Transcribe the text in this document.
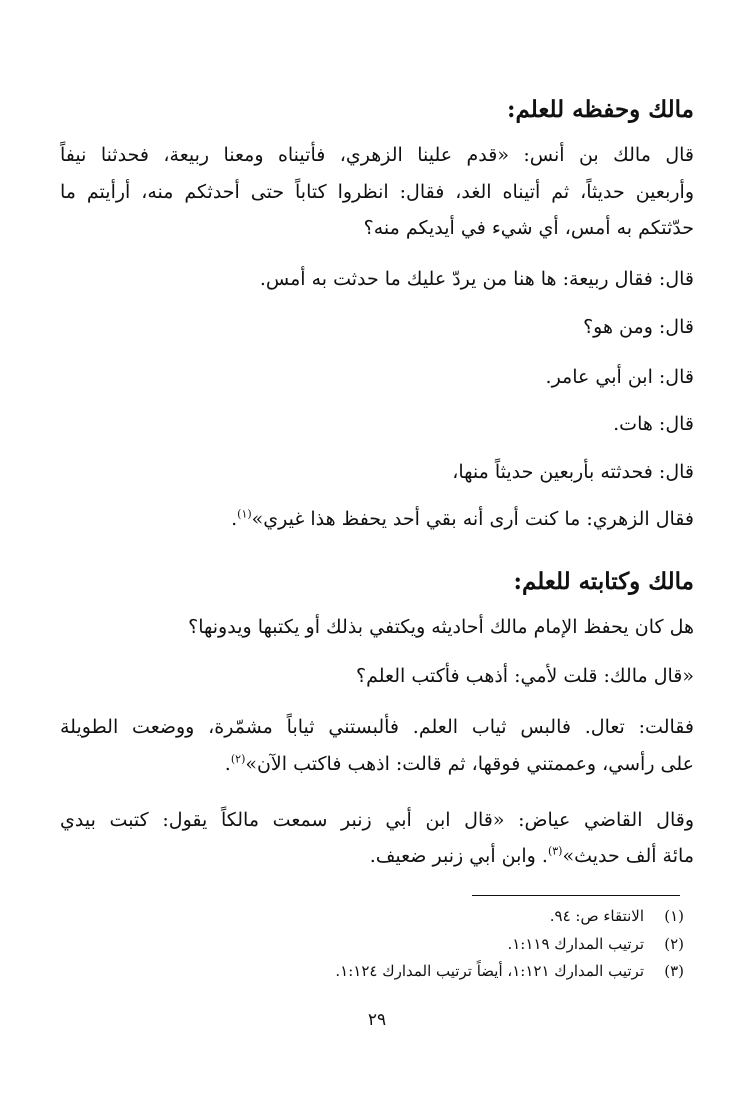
مالك وحفظه للعلم:

قال مالك بن أنس: «قدم علينا الزهري، فأتيناه ومعنا ربيعة، فحدثنا نيفاً

وأربعين حديثاً، ثم أتيناه الغد، فقال: انظروا كتاباً حتى أحدثكم منه، أرأيتم ما

حدّثتكم به أمس، أي شيء في أيديكم منه؟

قال: فقال ربيعة: ها هنا من يردّ عليك ما حدثت به أمس.

قال: ومن هو؟

قال: ابن أبي عامر.

قال: هات.

قال: فحدثته بأربعين حديثاً منها،

فقال الزهري: ما كنت أرى أنه بقي أحد يحفظ هذا غيري»$^{(١)}$.

مالك وكتابته للعلم:

هل كان يحفظ الإمام مالك أحاديثه ويكتفي بذلك أو يكتبها ويدونها؟

«قال مالك: قلت لأمي: أذهب فأكتب العلم؟

فقالت: تعال. فالبس ثياب العلم. فألبستني ثياباً مشمّرة، ووضعت الطويلة

على رأسي، وعممتني فوقها، ثم قالت: اذهب فاكتب الآن»$^{(٢)}$.

وقال القاضي عياض: «قال ابن أبي زنبر سمعت مالكاً يقول: كتبت بيدي

مائة ألف حديث»$^{(٣)}$. وابن أبي زنبر ضعيف.

(١)الانتقاء ص: ٩٤.
(٢)ترتيب المدارك ١:١١٩.
(٣)ترتيب المدارك ١:١٢١، أيضاً ترتيب المدارك ١:١٢٤.
٢٩
